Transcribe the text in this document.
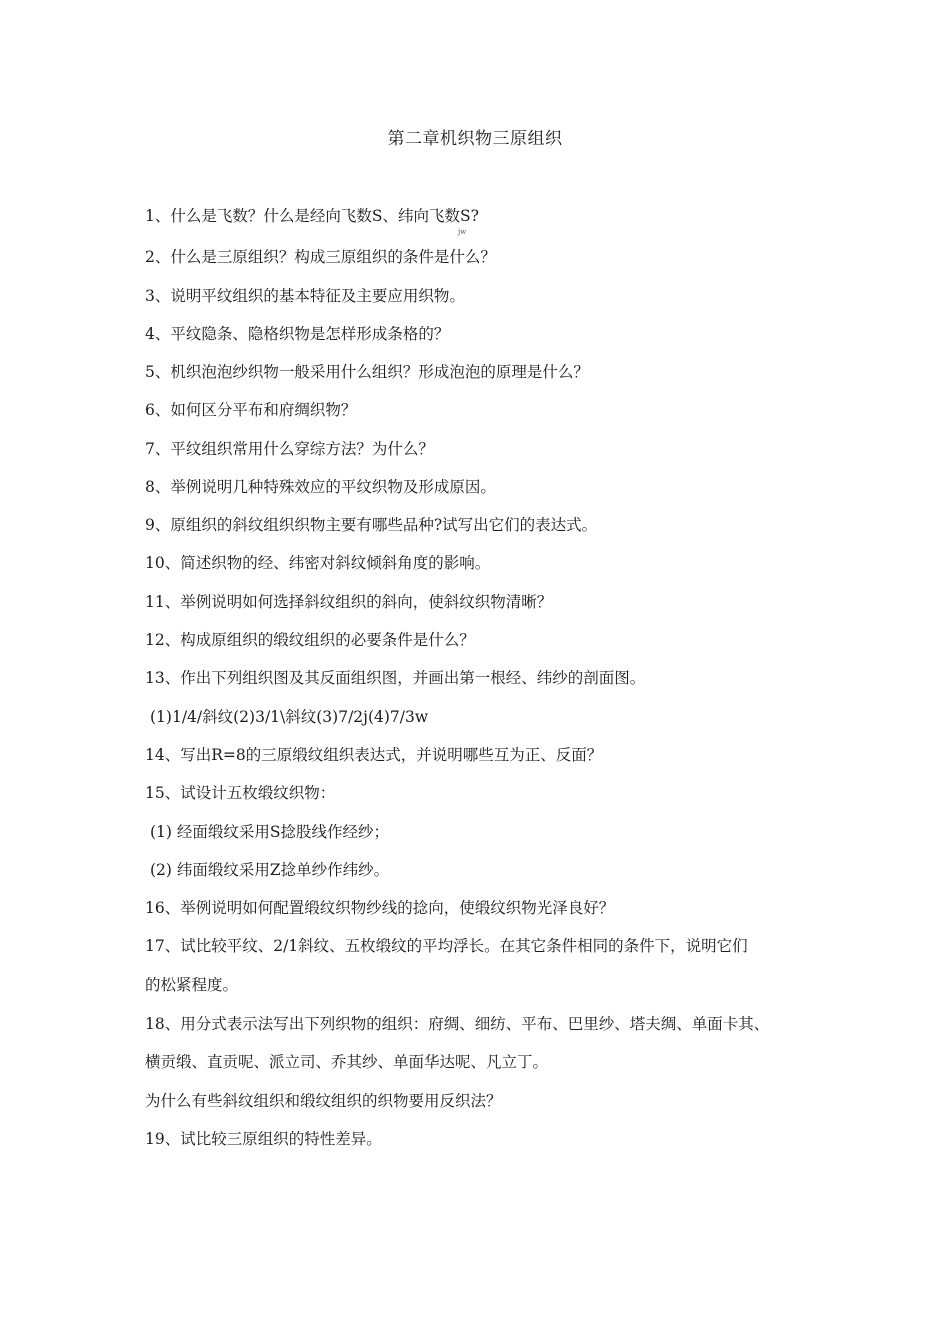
第二章机织物三原组织
1、什么是飞数？什么是经向飞数S、纬向飞数S?
jw
2、什么是三原组织？构成三原组织的条件是什么？
3、说明平纹组织的基本特征及主要应用织物。
4、平纹隐条、隐格织物是怎样形成条格的？
5、机织泡泡纱织物一般采用什么组织？形成泡泡的原理是什么？
6、如何区分平布和府绸织物？
7、平纹组织常用什么穿综方法？为什么？
8、举例说明几种特殊效应的平纹织物及形成原因。
9、原组织的斜纹组织织物主要有哪些品种?试写出它们的表达式。
10、简述织物的经、纬密对斜纹倾斜角度的影响。
11、举例说明如何选择斜纹组织的斜向，使斜纹织物清晰？
12、构成原组织的缎纹组织的必要条件是什么？
13、作出下列组织图及其反面组织图，并画出第一根经、纬纱的剖面图。
(1)1/4/斜纹(2)3/1\斜纹(3)7/2j(4)7/3w
14、写出R=8的三原缎纹组织表达式，并说明哪些互为正、反面？
15、试设计五枚缎纹织物：
(1) 经面缎纹采用S捻股线作经纱；
(2) 纬面缎纹采用Z捻单纱作纬纱。
16、举例说明如何配置缎纹织物纱线的捻向，使缎纹织物光泽良好？
17、试比较平纹、2/1斜纹、五枚缎纹的平均浮长。在其它条件相同的条件下，说明它们
的松紧程度。
18、用分式表示法写出下列织物的组织：府绸、细纺、平布、巴里纱、塔夫绸、单面卡其、
横贡缎、直贡呢、派立司、乔其纱、单面华达呢、凡立丁。
为什么有些斜纹组织和缎纹组织的织物要用反织法？
19、试比较三原组织的特性差异。
